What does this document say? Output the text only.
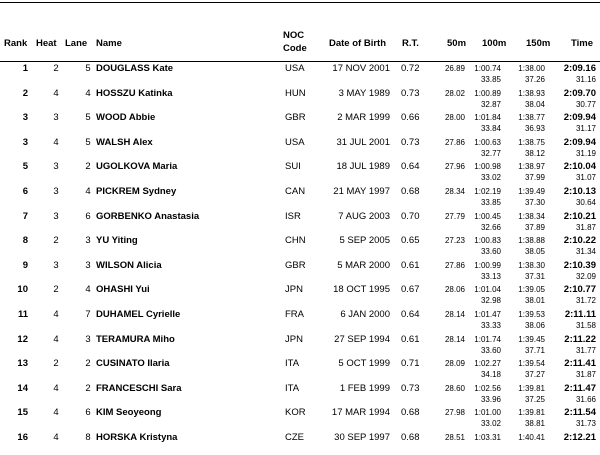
Rank Heat Lane Name
NOC
Code Date of Birth R.T.	50m 100m 150m Time
1	2	5 DOUGLASS Kate	USA	17 NOV 2001 0.72	26.89	1:00.74	1:38.00	2:09.16
33.85	37.26	31.16
2	4	4 HOSSZU Katinka	HUN	3 MAY 1989 0.73	28.02	1:00.89	1:38.93	2:09.70
32.87	38.04	30.77
3	3	5 WOOD Abbie	GBR	2 MAR 1999 0.66	28.00	1:01.84	1:38.77	2:09.94
33.84	36.93	31.17
3	4	5 WALSH Alex	USA	31 JUL 2001 0.73	27.86	1:00.63	1:38.75	2:09.94
32.77	38.12	31.19
5	3	2 UGOLKOVA Maria	SUI	18 JUL 1989 0.64	27.96	1:00.98	1:38.97	2:10.04
33.02	37.99	31.07
6	3	4 PICKREM Sydney	CAN	21 MAY 1997 0.68	28.34	1:02.19	1:39.49	2:10.13
33.85	37.30	30.64
7	3	6 GORBENKO Anastasia	ISR	7 AUG 2003 0.70	27.79	1:00.45	1:38.34	2:10.21
32.66	37.89	31.87
8	2	3 YU Yiting	CHN	5 SEP 2005 0.65	27.23	1:00.83	1:38.88	2:10.22
33.60	38.05	31.34
9	3	3 WILSON Alicia	GBR	5 MAR 2000 0.61	27.86	1:00.99	1:38.30	2:10.39
33.13	37.31	32.09
10	2	4 OHASHI Yui	JPN	18 OCT 1995 0.67	28.06	1:01.04	1:39.05	2:10.77
32.98	38.01	31.72
11	4	7 DUHAMEL Cyrielle	FRA	6 JAN 2000 0.64	28.14	1:01.47	1:39.53	2:11.11
33.33	38.06	31.58
12	4	3 TERAMURA Miho	JPN	27 SEP 1994 0.61	28.14	1:01.74	1:39.45	2:11.22
33.60	37.71	31.77
13	2	2 CUSINATO Ilaria	ITA	5 OCT 1999 0.71	28.09	1:02.27	1:39.54	2:11.41
34.18	37.27	31.87
14	4	2 FRANCESCHI Sara	ITA	1 FEB 1999 0.73	28.60	1:02.56	1:39.81	2:11.47
33.96	37.25	31.66
15	4	6 KIM Seoyeong	KOR	17 MAR 1994 0.68	27.98	1:01.00	1:39.81	2:11.54
33.02	38.81	31.73
16	4	8 HORSKA Kristyna	CZE	30 SEP 1997 0.68	28.51	1:03.31	1:40.41	2:12.21
